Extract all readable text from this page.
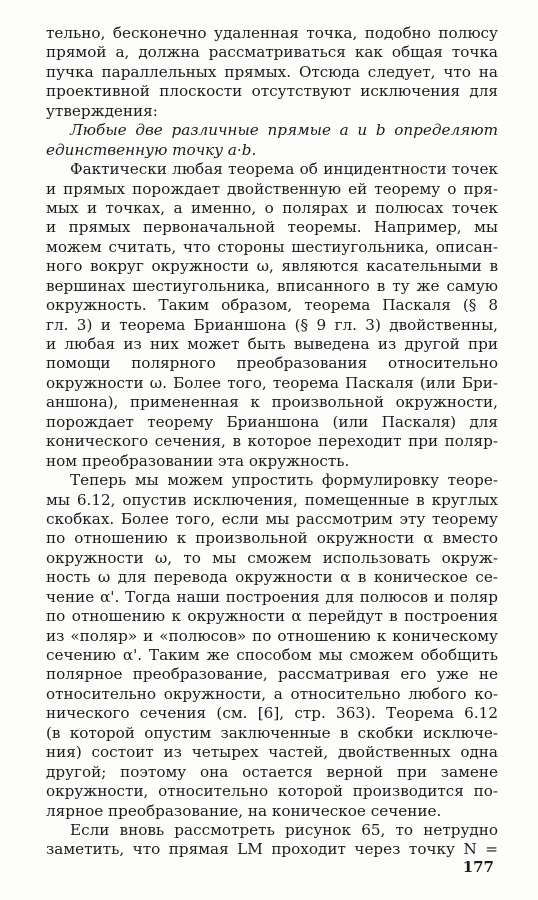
тельно, бесконечно удаленная точка, подобно полюсу
прямой a, должна рассматриваться как общая точка
пучка параллельных прямых. Отсюда следует, что на
проективной плоскости отсутствуют исключения для
утверждения:
Любые две различные прямые a и b определяют
единственную точку a·b.
Фактически любая теорема об инцидентности точек
и прямых порождает двойственную ей теорему о пря-
мых и точках, а именно, о полярах и полюсах точек
и прямых первоначальной теоремы. Например, мы
можем считать, что стороны шестиугольника, описан-
ного вокруг окружности ω, являются касательными в
вершинах шестиугольника, вписанного в ту же самую
окружность. Таким образом, теорема Паскаля (§ 8
гл. 3) и теорема Брианшона (§ 9 гл. 3) двойственны,
и любая из них может быть выведена из другой при
помощи полярного преобразования относительно
окружности ω. Более того, теорема Паскаля (или Бри-
аншона), примененная к произвольной окружности,
порождает теорему Брианшона (или Паскаля) для
конического сечения, в которое переходит при поляр-
ном преобразовании эта окружность.
Теперь мы можем упростить формулировку теоре-
мы 6.12, опустив исключения, помещенные в круглых
скобках. Более того, если мы рассмотрим эту теорему
по отношению к произвольной окружности α вместо
окружности ω, то мы сможем использовать окруж-
ность ω для перевода окружности α в коническое се-
чение α'. Тогда наши построения для полюсов и поляр
по отношению к окружности α перейдут в построения
из «поляр» и «полюсов» по отношению к коническому
сечению α'. Таким же способом мы сможем обобщить
полярное преобразование, рассматривая его уже не
относительно окружности, а относительно любого ко-
нического сечения (см. [6], стр. 363). Теорема 6.12
(в которой опустим заключенные в скобки исключе-
ния) состоит из четырех частей, двойственных одна
другой; поэтому она остается верной при замене
окружности, относительно которой производится по-
лярное преобразование, на коническое сечение.
Если вновь рассмотреть рисунок 65, то нетрудно
заметить, что прямая LM проходит через точку N =
177
